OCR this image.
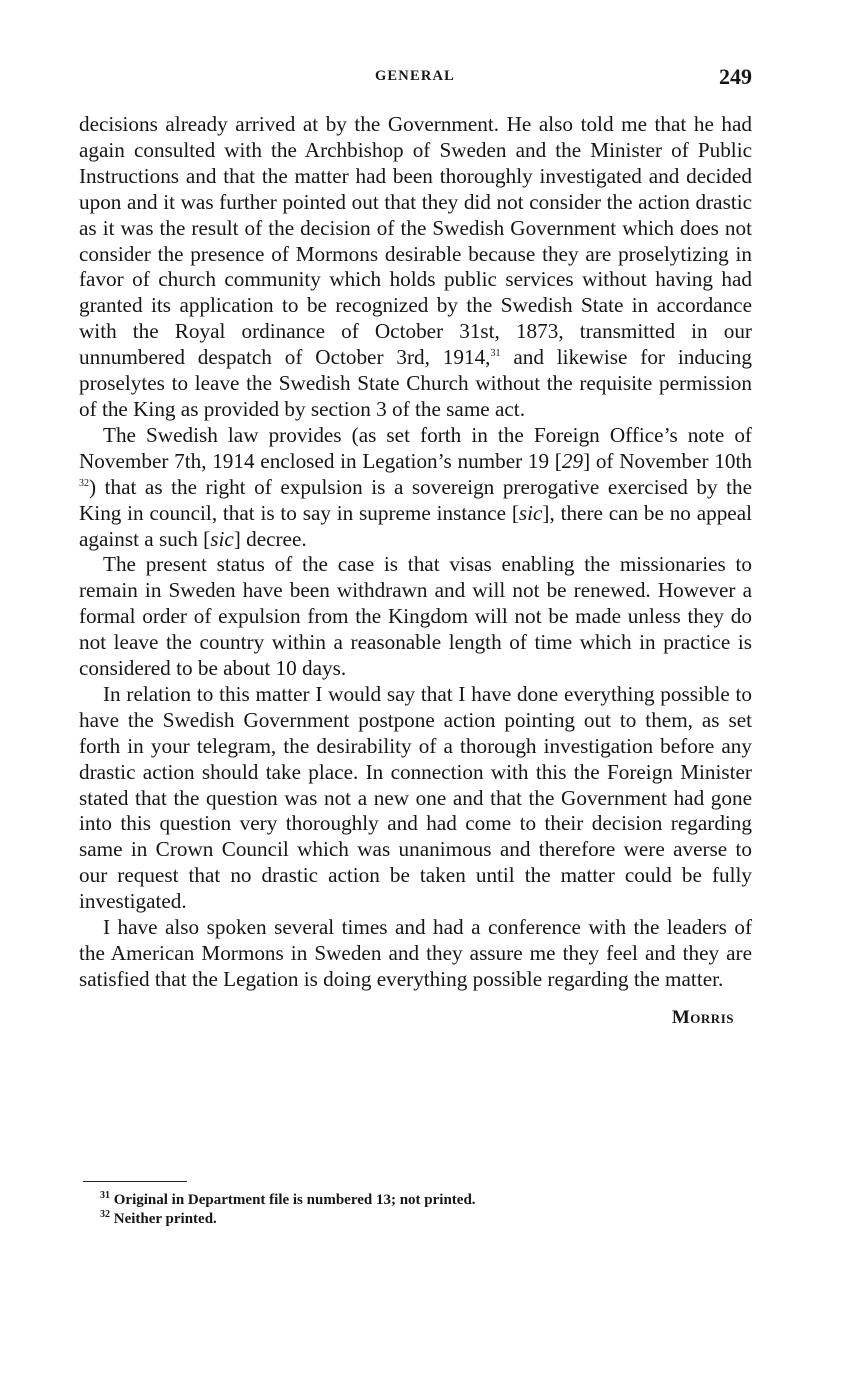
GENERAL	249

decisions already arrived at by the Government. He also told me that he had again consulted with the Archbishop of Sweden and the Minister of Public Instructions and that the matter had been thoroughly investigated and decided upon and it was further pointed out that they did not consider the action drastic as it was the result of the decision of the Swedish Government which does not consider the presence of Mormons desirable because they are proselytizing in favor of church community which holds public services without having had granted its application to be recognized by the Swedish State in accordance with the Royal ordinance of October 31st, 1873, transmitted in our unnumbered despatch of October 3rd, 1914,31 and likewise for inducing proselytes to leave the Swedish State Church without the requisite permission of the King as provided by section 3 of the same act.

The Swedish law provides (as set forth in the Foreign Office’s note of November 7th, 1914 enclosed in Legation’s number 19 [29] of November 10th $^{32}$) that as the right of expulsion is a sovereign prerogative exercised by the King in council, that is to say in supreme instance [sic], there can be no appeal against a such [sic] decree.

The present status of the case is that visas enabling the missionaries to remain in Sweden have been withdrawn and will not be renewed. However a formal order of expulsion from the Kingdom will not be made unless they do not leave the country within a reasonable length of time which in practice is considered to be about 10 days.

In relation to this matter I would say that I have done everything possible to have the Swedish Government postpone action pointing out to them, as set forth in your telegram, the desirability of a thorough investigation before any drastic action should take place. In connection with this the Foreign Minister stated that the question was not a new one and that the Government had gone into this question very thoroughly and had come to their decision regarding same in Crown Council which was unanimous and therefore were averse to our request that no drastic action be taken until the matter could be fully investigated.

I have also spoken several times and had a conference with the leaders of the American Mormons in Sweden and they assure me they feel and they are satisfied that the Legation is doing everything possible regarding the matter.

Morris

$^{31}$ Original in Department file is numbered 13; not printed.

$^{32}$ Neither printed.
